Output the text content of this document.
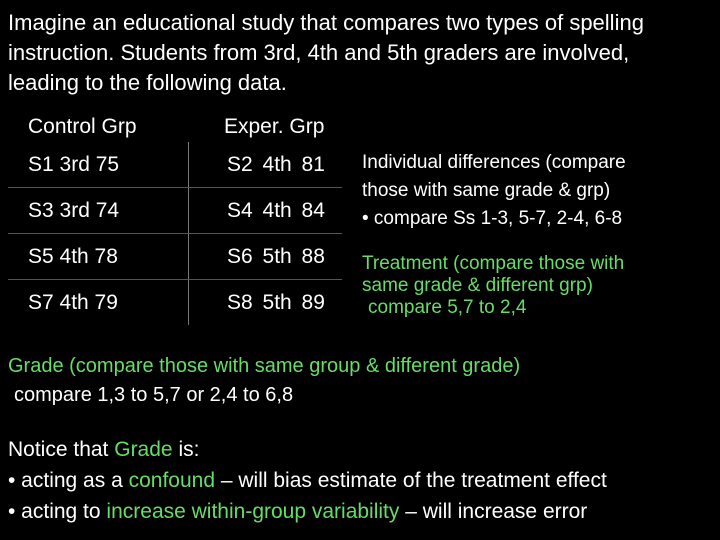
Imagine an educational study that compares two types of spelling
instruction. Students from 3rd, 4th and 5th graders are involved,
leading to the following data.
Control Grp	Exper. Grp
S1 3rd 75	S2 4th 81
S3 3rd 74	S4 4th 84
S5 4th 78	S6 5th 88
S7 4th 79	S8 5th 89
Individual differences (compare
those with same grade & grp)
• compare Ss 1-3, 5-7, 2-4, 6-8
Treatment (compare those with
same grade & different grp)
compare 5,7 to 2,4
Grade (compare those with same group & different grade)
compare 1,3 to 5,7 or 2,4 to 6,8
Notice that Grade is:
• acting as a confound – will bias estimate of the treatment effect
• acting to increase within-group variability – will increase error
